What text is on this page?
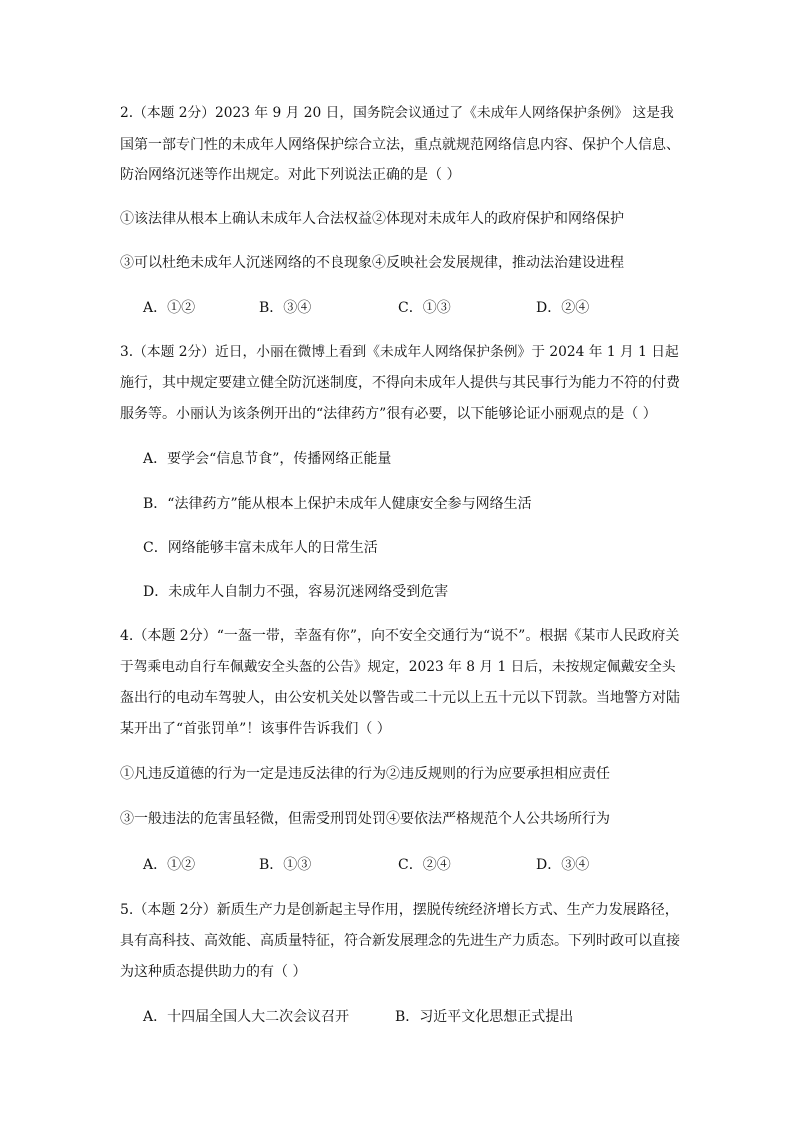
2.（本题 2分）2023 年 9 月 20 日，国务院会议通过了《未成年人网络保护条例》 这是我
国第一部专门性的未成年人网络保护综合立法，重点就规范网络信息内容、保护个人信息、
防治网络沉迷等作出规定。对此下列说法正确的是（ ）
①该法律从根本上确认未成年人合法权益②体现对未成年人的政府保护和网络保护
③可以杜绝未成年人沉迷网络的不良现象④反映社会发展规律，推动法治建设进程
A．①②	B．③④	C．①③	D．②④
3.（本题 2分）近日，小丽在微博上看到《未成年人网络保护条例》于 2024 年 1 月 1 日起
施行，其中规定要建立健全防沉迷制度，不得向未成年人提供与其民事行为能力不符的付费
服务等。小丽认为该条例开出的“法律药方”很有必要，以下能够论证小丽观点的是（ ）
A．要学会“信息节食”，传播网络正能量
B．“法律药方”能从根本上保护未成年人健康安全参与网络生活
C．网络能够丰富未成年人的日常生活
D．未成年人自制力不强，容易沉迷网络受到危害
4.（本题 2分）“一盔一带，幸盔有你”，向不安全交通行为“说不”。根据《某市人民政府关
于驾乘电动自行车佩戴安全头盔的公告》规定，2023 年 8 月 1 日后，未按规定佩戴安全头
盔出行的电动车驾驶人，由公安机关处以警告或二十元以上五十元以下罚款。当地警方对陆
某开出了“首张罚单”！该事件告诉我们（ ）
①凡违反道德的行为一定是违反法律的行为②违反规则的行为应要承担相应责任
③一般违法的危害虽轻微，但需受刑罚处罚④要依法严格规范个人公共场所行为
A．①②	B．①③	C．②④	D．③④
5.（本题 2分）新质生产力是创新起主导作用，摆脱传统经济增长方式、生产力发展路径，
具有高科技、高效能、高质量特征，符合新发展理念的先进生产力质态。下列时政可以直接
为这种质态提供助力的有（ ）
A．十四届全国人大二次会议召开	B．习近平文化思想正式提出
